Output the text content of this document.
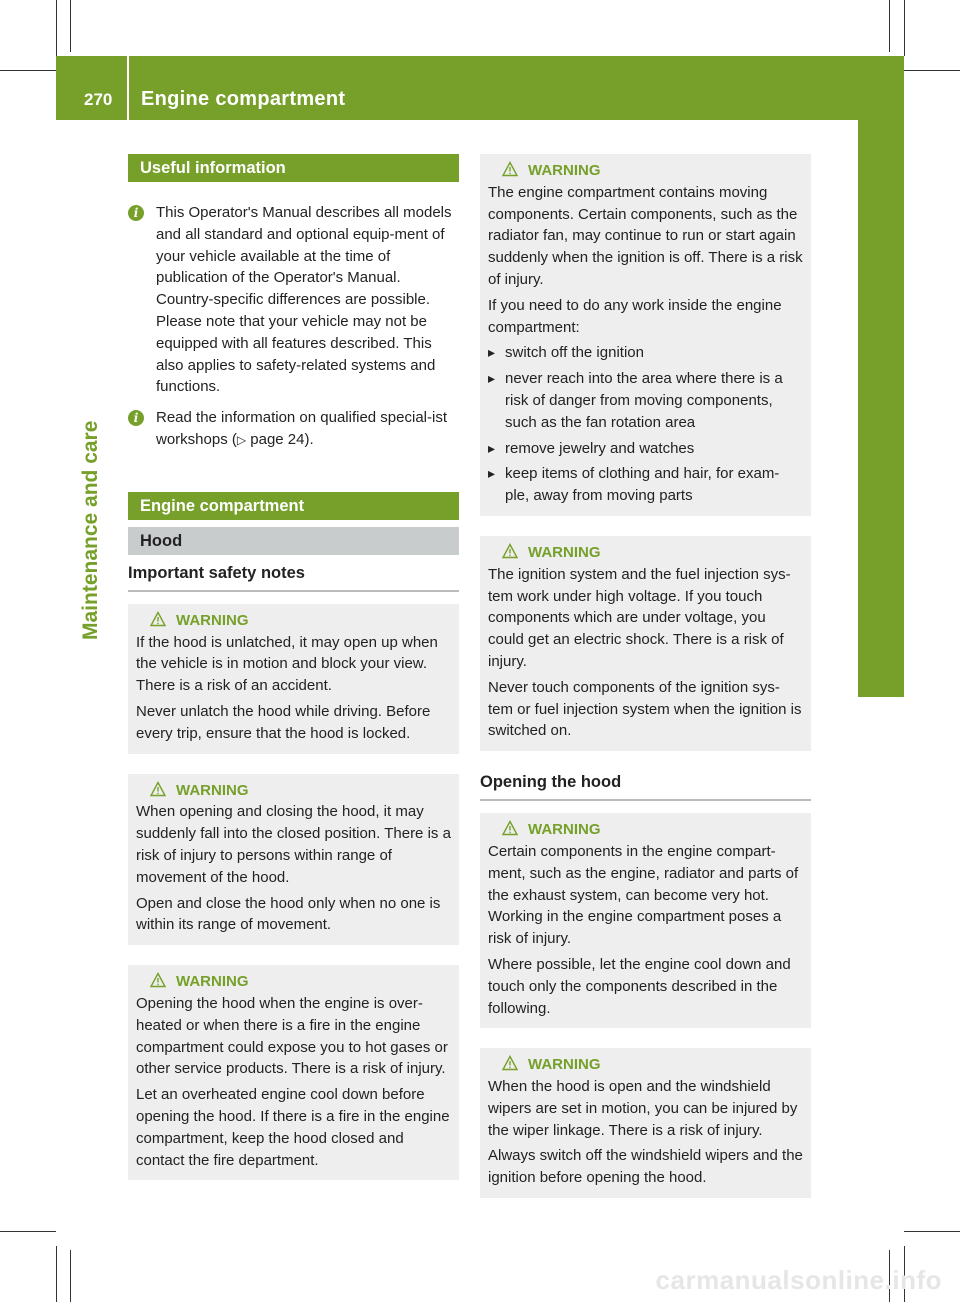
270 Engine compartment
Maintenance and care
Useful information
i	This Operator's Manual describes all models and all standard and optional equip-ment of your vehicle available at the time of publication of the Operator's Manual. Country-specific differences are possible. Please note that your vehicle may not be equipped with all features described. This also applies to safety-related systems and functions.

i	Read the information on qualified special-ist workshops (▷ page 24).

Engine compartment
Hood
Important safety notes
WARNING

If the hood is unlatched, it may open up when the vehicle is in motion and block your view. There is a risk of an accident.

Never unlatch the hood while driving. Before every trip, ensure that the hood is locked.

WARNING

When opening and closing the hood, it may suddenly fall into the closed position. There is a risk of injury to persons within range of movement of the hood.

Open and close the hood only when no one is within its range of movement.

WARNING

Opening the hood when the engine is over-heated or when there is a fire in the engine compartment could expose you to hot gases or other service products. There is a risk of injury.

Let an overheated engine cool down before opening the hood. If there is a fire in the engine compartment, keep the hood closed and contact the fire department.

WARNING

The engine compartment contains moving components. Certain components, such as the radiator fan, may continue to run or start again suddenly when the ignition is off. There is a risk of injury.

If you need to do any work inside the engine compartment:

▸ switch off the ignition
▸ never reach into the area where there is a risk of danger from moving components, such as the fan rotation area
▸ remove jewelry and watches
▸ keep items of clothing and hair, for exam-ple, away from moving parts
WARNING

The ignition system and the fuel injection sys-tem work under high voltage. If you touch components which are under voltage, you could get an electric shock. There is a risk of injury.

Never touch components of the ignition sys-tem or fuel injection system when the ignition is switched on.

Opening the hood
WARNING

Certain components in the engine compart-ment, such as the engine, radiator and parts of the exhaust system, can become very hot. Working in the engine compartment poses a risk of injury.

Where possible, let the engine cool down and touch only the components described in the following.

WARNING

When the hood is open and the windshield wipers are set in motion, you can be injured by the wiper linkage. There is a risk of injury.

Always switch off the windshield wipers and the ignition before opening the hood.

carmanualsonline.info
